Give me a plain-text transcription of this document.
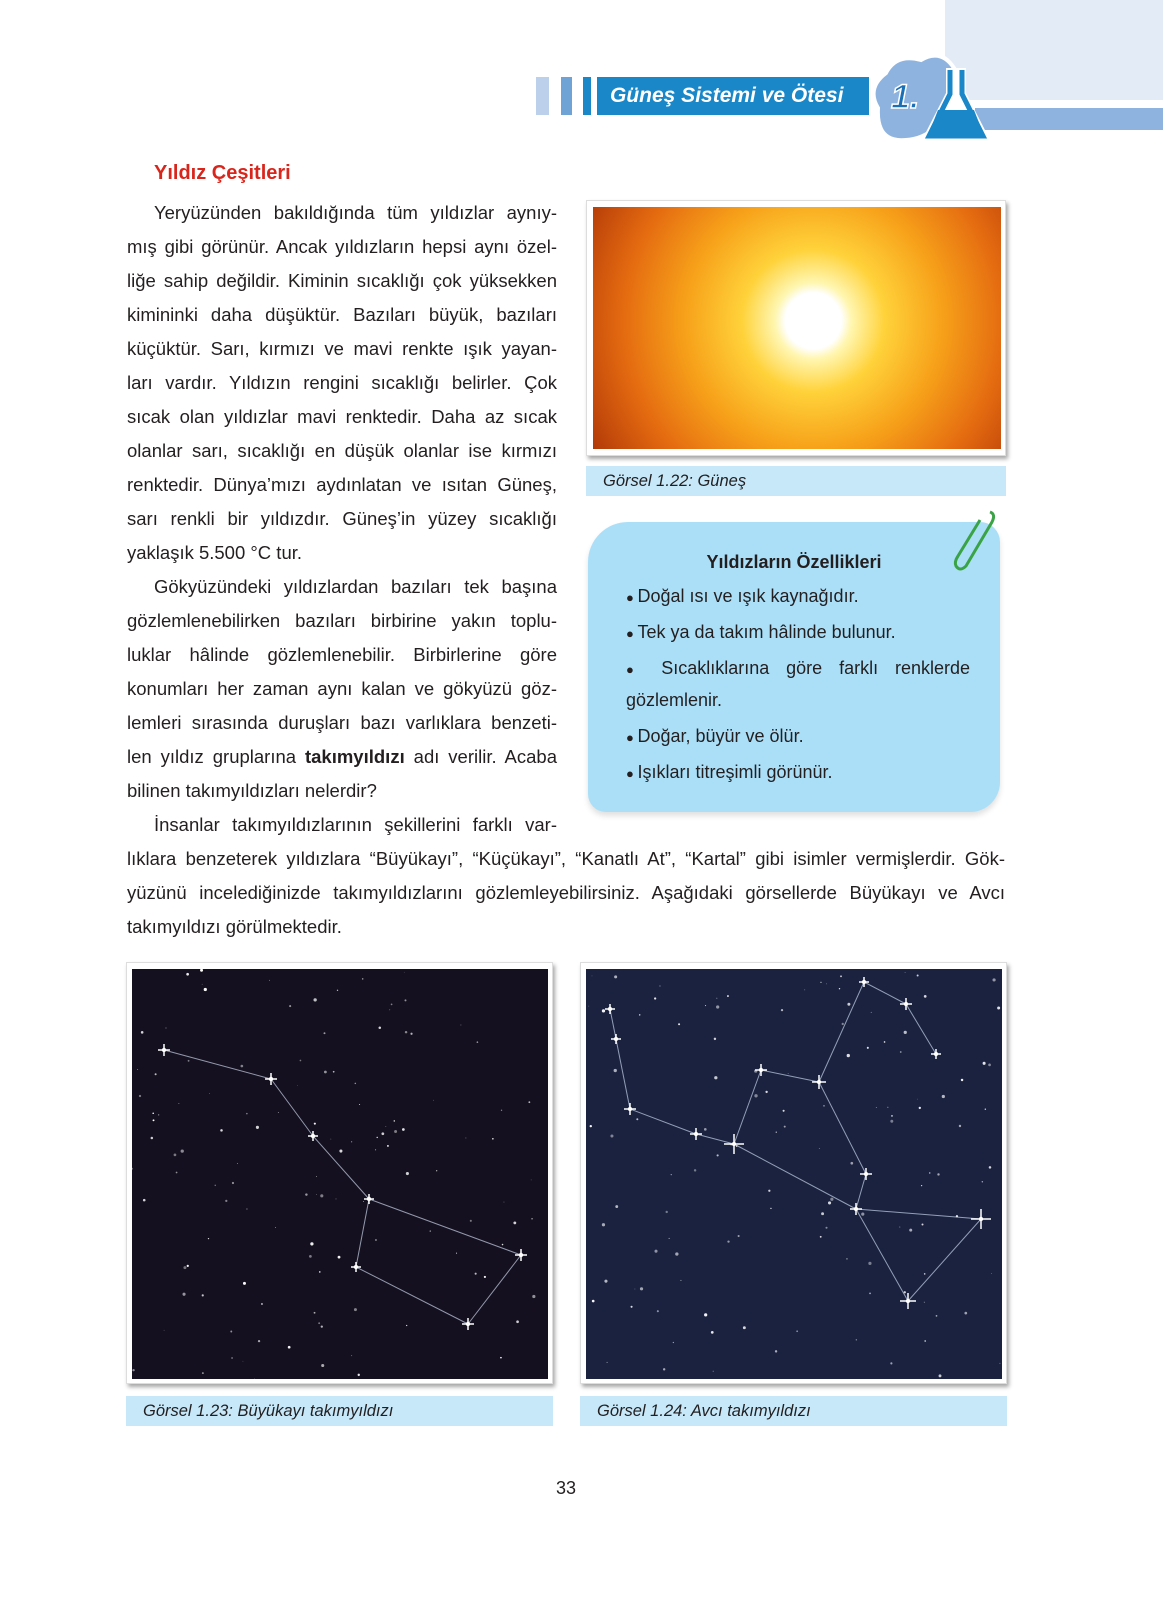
Güneş Sistemi ve Ötesi	1.
Yıldız Çeşitleri
Yeryüzünden bakıldığında tüm yıldızlar aynıy-
mış gibi görünür. Ancak yıldızların hepsi aynı özel-
liğe sahip değildir. Kiminin sıcaklığı çok yüksekken
kimininki daha düşüktür. Bazıları büyük, bazıları
küçüktür. Sarı, kırmızı ve mavi renkte ışık yayan-
ları vardır. Yıldızın rengini sıcaklığı belirler. Çok
sıcak olan yıldızlar mavi renktedir. Daha az sıcak
olanlar sarı, sıcaklığı en düşük olanlar ise kırmızı
renktedir. Dünya’mızı aydınlatan ve ısıtan Güneş,
sarı renkli bir yıldızdır. Güneş’in yüzey sıcaklığı
yaklaşık 5.500 °C tur.
Gökyüzündeki yıldızlardan bazıları tek başına
gözlemlenebilirken bazıları birbirine yakın toplu-
luklar hâlinde gözlemlenebilir. Birbirlerine göre
konumları her zaman aynı kalan ve gökyüzü göz-
lemleri sırasında duruşları bazı varlıklara benzeti-
len yıldız gruplarına takımyıldızı adı verilir. Acaba
bilinen takımyıldızları nelerdir?
İnsanlar takımyıldızlarının şekillerini farklı var-
lıklara benzeterek yıldızlara “Büyükayı”, “Küçükayı”, “Kanatlı At”, “Kartal” gibi isimler vermişlerdir. Gök-
yüzünü incelediğinizde takımyıldızlarını gözlemleyebilirsiniz. Aşağıdaki görsellerde Büyükayı ve Avcı
takımyıldızı görülmektedir.
Görsel 1.22: Güneş
Yıldızların Özellikleri
● Doğal ısı ve ışık kaynağıdır.
● Tek ya da takım hâlinde bulunur.
● Sıcaklıklarına göre farklı renklerde
gözlemlenir.
● Doğar, büyür ve ölür.
● Işıkları titreşimli görünür.
Görsel 1.23: Büyükayı takımyıldızı	Görsel 1.24: Avcı takımyıldızı
33
